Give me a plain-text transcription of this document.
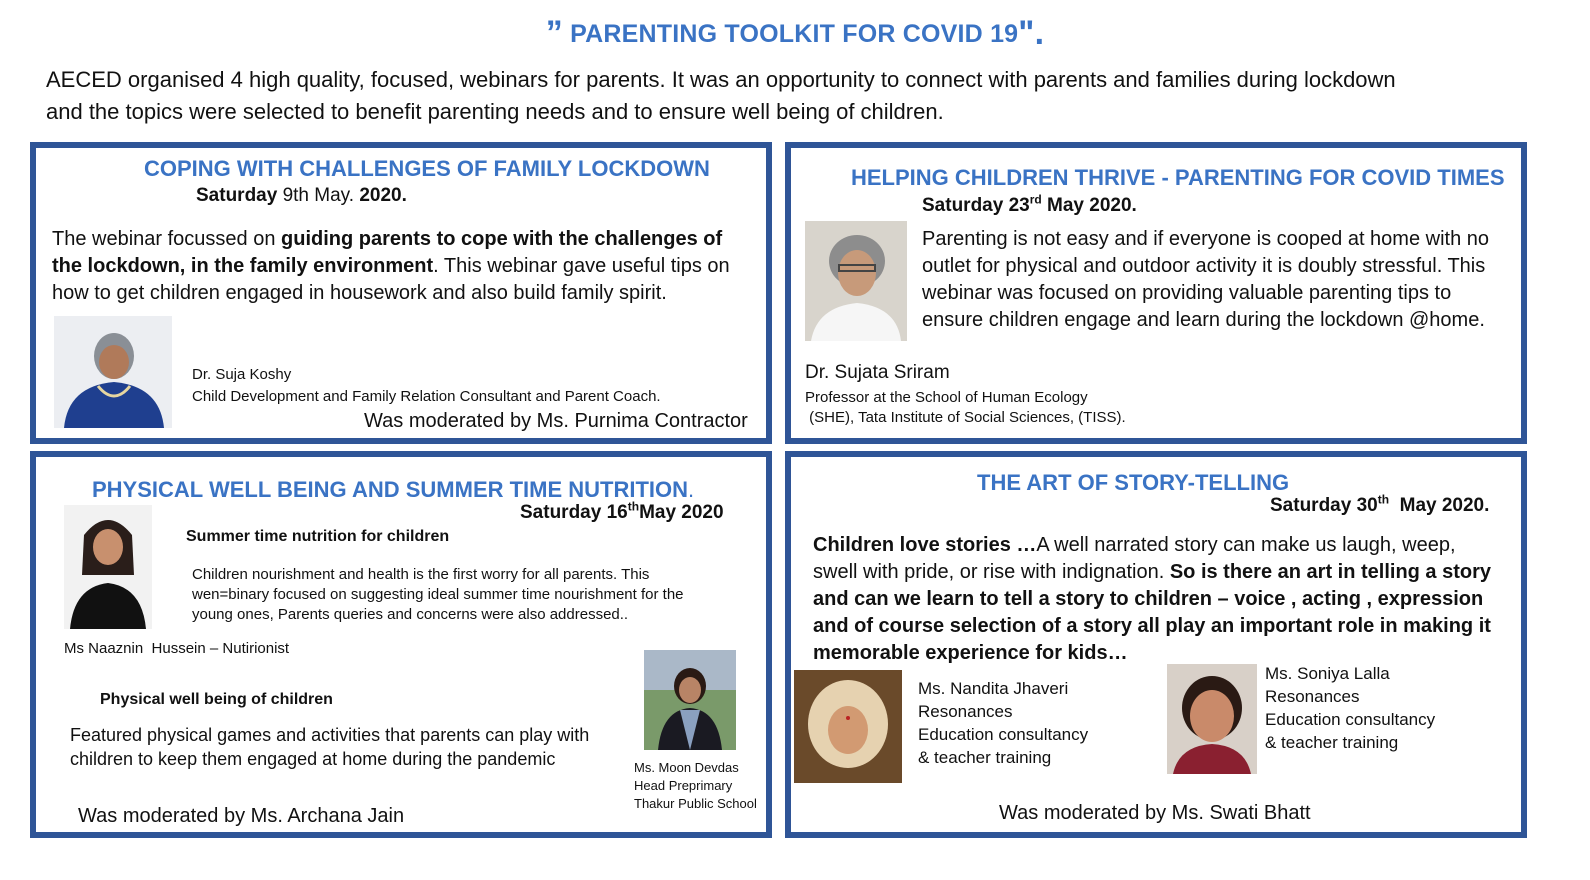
” PARENTING TOOLKIT FOR COVID 19".
AECED organised 4 high quality, focused, webinars for parents. It was an opportunity to connect with parents and families during lockdown
and the topics were selected to benefit parenting needs and to ensure well being of children.
COPING WITH CHALLENGES OF FAMILY LOCKDOWN
Saturday 9th May. 2020.
The webinar focussed on guiding parents to cope with the challenges of the lockdown, in the family environment. This webinar gave useful tips on how to get children engaged in housework and also build family spirit.
Dr. Suja Koshy
Child Development and Family Relation Consultant and Parent Coach.
Was moderated by Ms. Purnima Contractor
HELPING CHILDREN THRIVE - PARENTING FOR COVID TIMES
Saturday 23rd May 2020.
Parenting is not easy and if everyone is cooped at home with no outlet for physical and outdoor activity it is doubly stressful. This webinar was focused on providing valuable parenting tips to ensure children engage and learn during the lockdown @home.
Dr. Sujata Sriram
Professor at the School of Human Ecology
(SHE), Tata Institute of Social Sciences, (TISS).
PHYSICAL WELL BEING AND SUMMER TIME NUTRITION.
Saturday 16thMay 2020
Summer time nutrition for children
Children nourishment and health is the first worry for all parents. This wen=binary focused on suggesting ideal summer time nourishment for the young ones, Parents queries and concerns were also addressed..
Ms Naaznin  Hussein – Nutirionist
Physical well being of children
Featured physical games and activities that parents can play with children to keep them engaged at home during the pandemic	Ms. Moon Devdas
Head Preprimary
Thakur Public School
Was moderated by Ms. Archana Jain
THE ART OF STORY-TELLING
Saturday 30th  May 2020.
Children love stories …A well narrated story can make us laugh, weep, swell with pride, or rise with indignation. So is there an art in telling a story and can we learn to tell a story to children – voice , acting , expression and of course selection of a story all play an important role in making it memorable experience for kids…
Ms. Nandita Jhaveri
Resonances
Education consultancy
& teacher training
Ms. Soniya Lalla
Resonances
Education consultancy
& teacher training
Was moderated by Ms. Swati Bhatt
